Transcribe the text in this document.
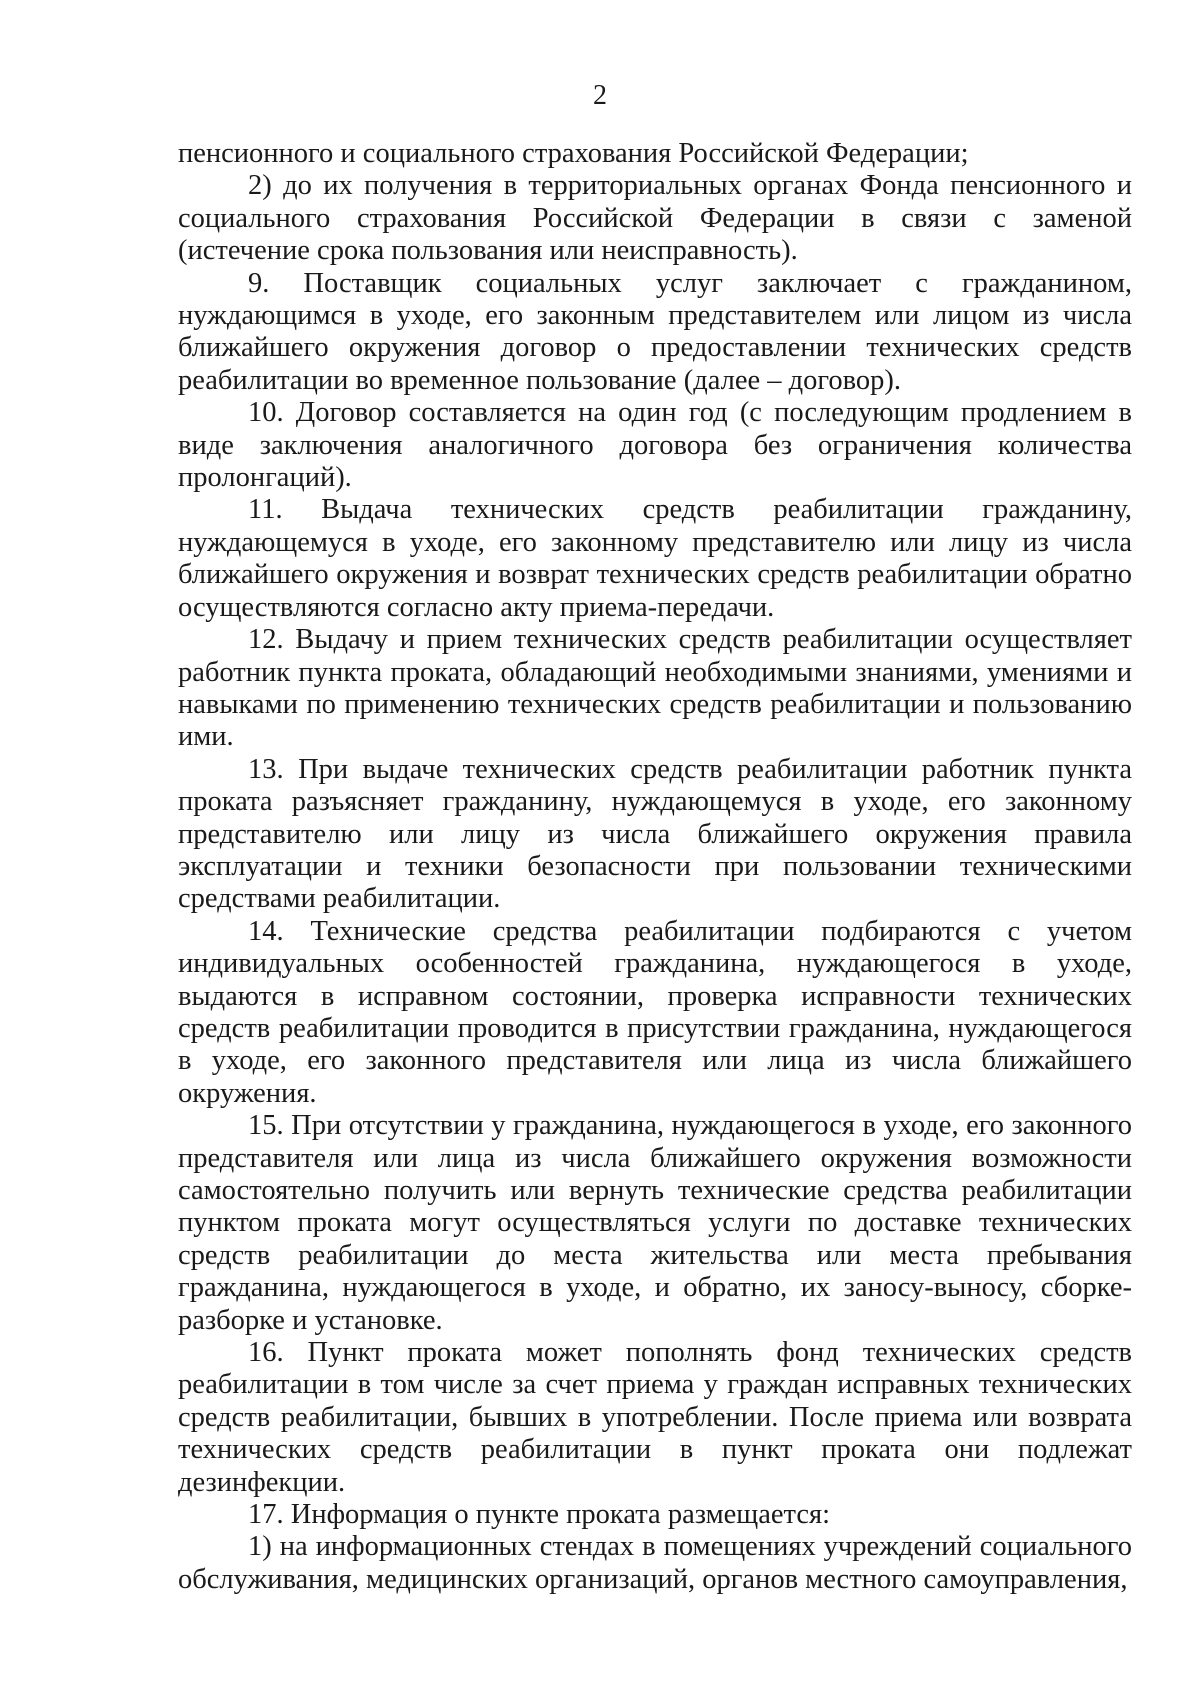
2

пенсионного и социального страхования Российской Федерации;

2) до их получения в территориальных органах Фонда пенсионного и социального страхования Российской Федерации в связи с заменой (истечение срока пользования или неисправность).

9. Поставщик социальных услуг заключает с гражданином, нуждающимся в уходе, его законным представителем или лицом из числа ближайшего окружения договор о предоставлении технических средств реабилитации во временное пользование (далее – договор).

10. Договор составляется на один год (с последующим продлением в виде заключения аналогичного договора без ограничения количества пролонгаций).

11. Выдача технических средств реабилитации гражданину, нуждающемуся в уходе, его законному представителю или лицу из числа ближайшего окружения и возврат технических средств реабилитации обратно осуществляются согласно акту приема-передачи.

12. Выдачу и прием технических средств реабилитации осуществляет работник пункта проката, обладающий необходимыми знаниями, умениями и навыками по применению технических средств реабилитации и пользованию ими.

13. При выдаче технических средств реабилитации работник пункта проката разъясняет гражданину, нуждающемуся в уходе, его законному представителю или лицу из числа ближайшего окружения правила эксплуатации и техники безопасности при пользовании техническими средствами реабилитации.

14. Технические средства реабилитации подбираются с учетом индивидуальных особенностей гражданина, нуждающегося в уходе, выдаются в исправном состоянии, проверка исправности технических средств реабилитации проводится в присутствии гражданина, нуждающегося в уходе, его законного представителя или лица из числа ближайшего окружения.

15. При отсутствии у гражданина, нуждающегося в уходе, его законного представителя или лица из числа ближайшего окружения возможности самостоятельно получить или вернуть технические средства реабилитации пунктом проката могут осуществляться услуги по доставке технических средств реабилитации до места жительства или места пребывания гражданина, нуждающегося в уходе, и обратно, их заносу-выносу, сборке-разборке и установке.

16. Пункт проката может пополнять фонд технических средств реабилитации в том числе за счет приема у граждан исправных технических средств реабилитации, бывших в употреблении. После приема или возврата технических средств реабилитации в пункт проката они подлежат дезинфекции.

17. Информация о пункте проката размещается:

1) на информационных стендах в помещениях учреждений социального обслуживания, медицинских организаций, органов местного самоуправления,
